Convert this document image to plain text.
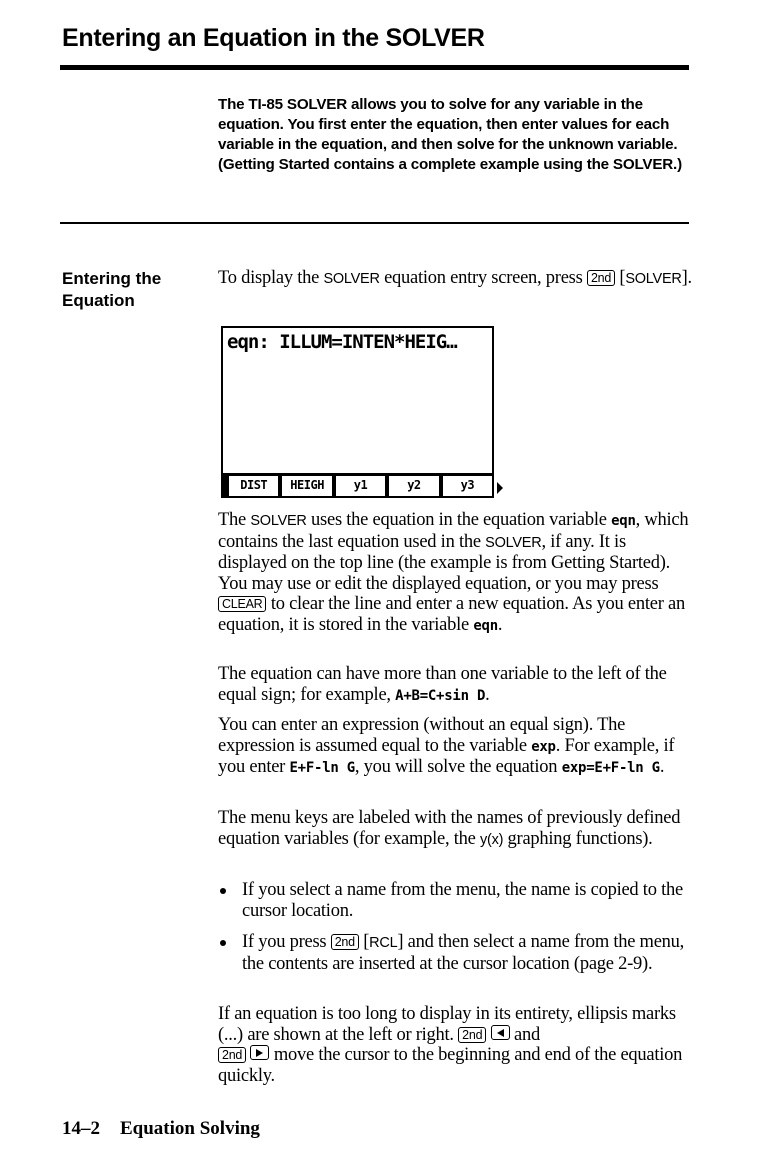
Entering an Equation in the SOLVER
The TI-85 SOLVER allows you to solve for any variable in the equation. You first enter the equation, then enter values for each variable in the equation, and then solve for the unknown variable. (Getting Started contains a complete example using the SOLVER.)
Entering the
Equation
To display the SOLVER equation entry screen, press 2nd [SOLVER].
eqn: ILLUM=INTEN*HEIG…
DIST	HEIGH	y1	y2	y3
The SOLVER uses the equation in the equation variable eqn, which contains the last equation used in the SOLVER, if any. It is displayed on the top line (the example is from Getting Started). You may use or edit the displayed equation, or you may press CLEAR to clear the line and enter a new equation. As you enter an equation, it is stored in the variable eqn.
The equation can have more than one variable to the left of the equal sign; for example, A+B=C+sin D.
You can enter an expression (without an equal sign). The expression is assumed equal to the variable exp. For example, if you enter E+F-ln G, you will solve the equation exp=E+F-ln G.
The menu keys are labeled with the names of previously defined equation variables (for example, the y(x) graphing functions).
If you select a name from the menu, the name is copied to the cursor location.
If you press 2nd [RCL] and then select a name from the menu, the contents are inserted at the cursor location (page 2-9).
If an equation is too long to display in its entirety, ellipsis marks (...) are shown at the left or right. 2nd
and
2nd
move the cursor to the beginning and end of the equation quickly.
14–2 Equation Solving
